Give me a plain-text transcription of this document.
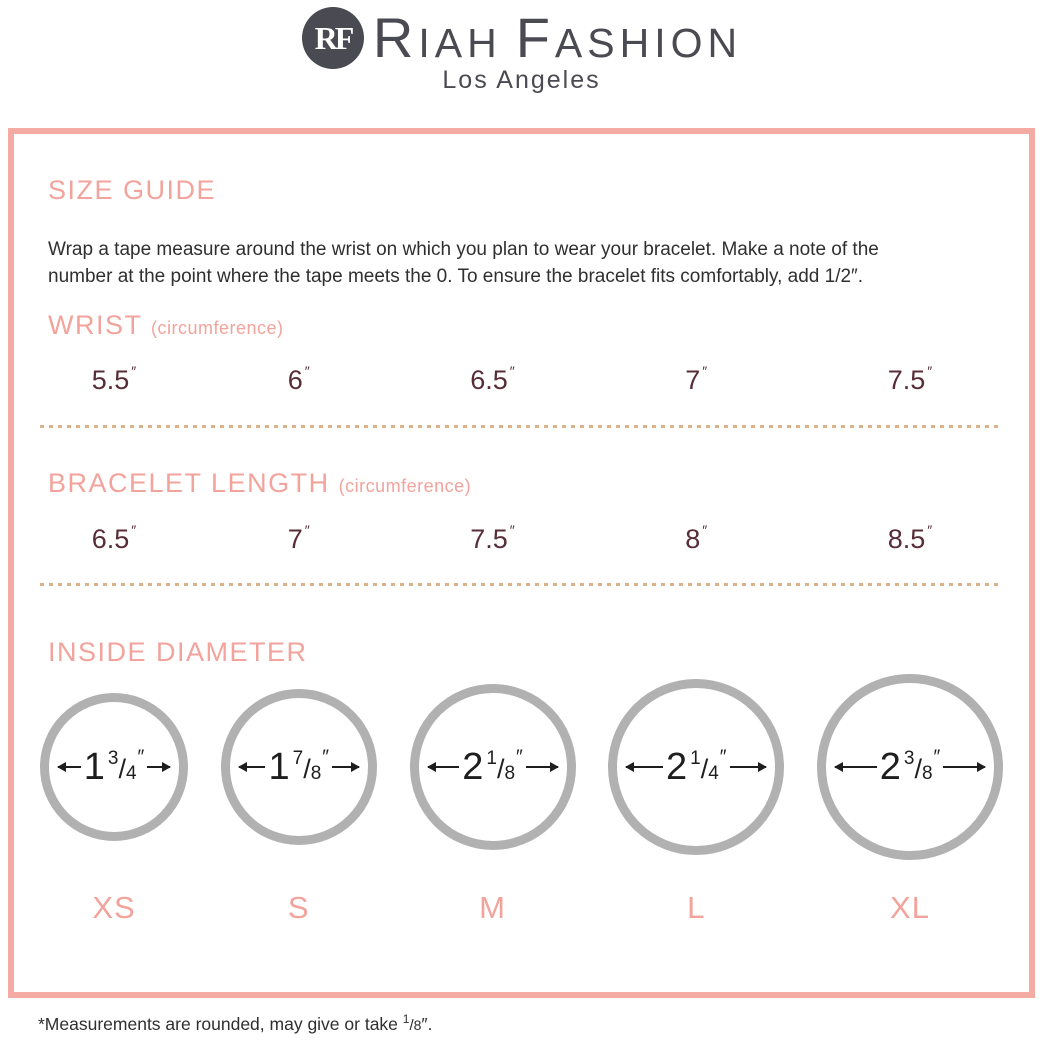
RF R IAH F ASHION
Los Angeles
SIZE GUIDE

Wrap a tape measure around the wrist on which you plan to wear your bracelet. Make a note of the
number at the point where the tape meets the 0. To ensure the bracelet fits comfortably, add 1/2″.

WRIST (circumference)
5.5 ″	6 ″	6.5 ″	7 ″	7.5 ″
BRACELET LENGTH (circumference)
6.5 ″	7 ″	7.5 ″	8 ″	8.5 ″
INSIDE DIAMETER
1 3/4″	1 7/8″	2 1/8″	2 1/4″	2 3/8″
XS	S	M	L	XL
*Measurements are rounded, may give or take $^1$/8″.
